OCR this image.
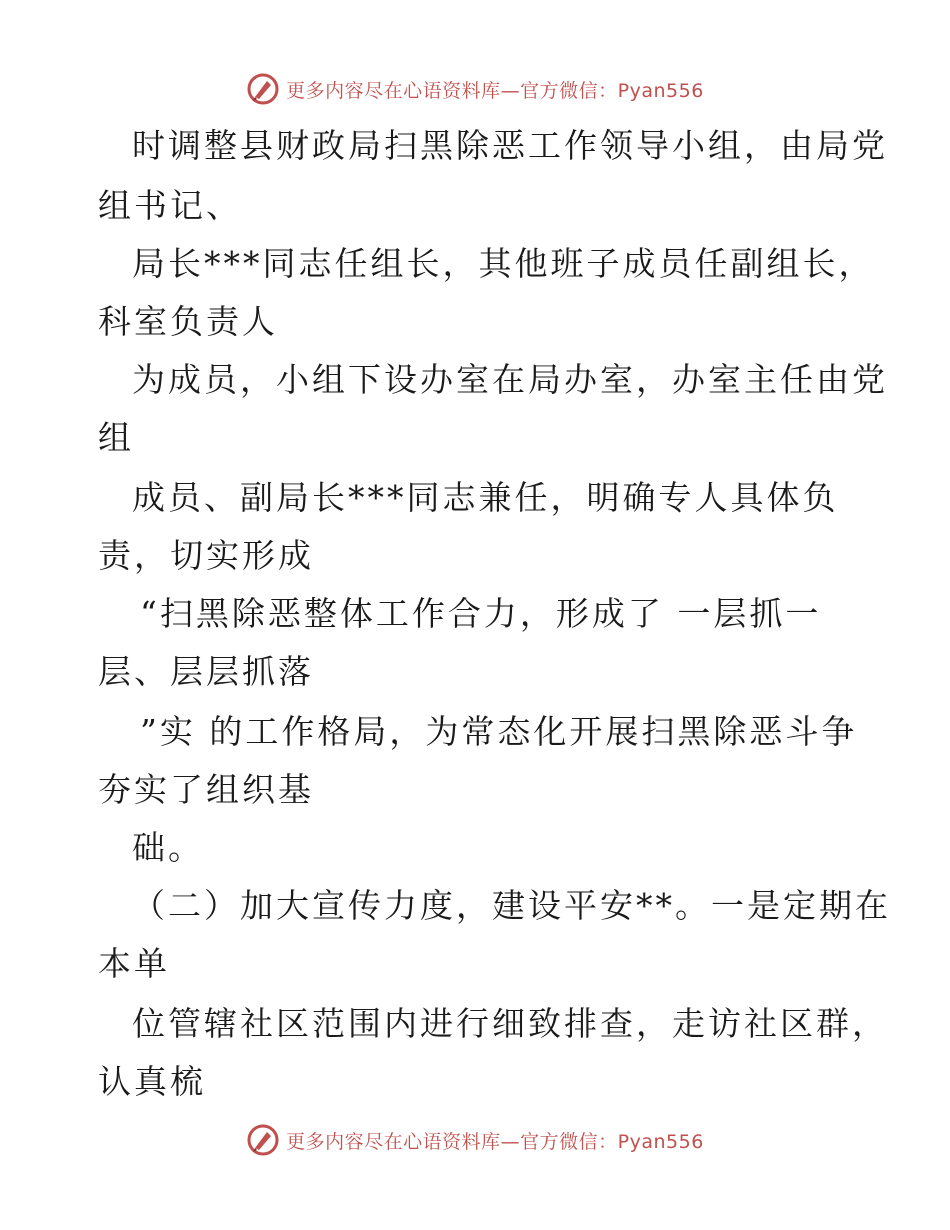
更多内容尽在心语资料库—官方微信：Pyan556
时调整县财政局扫黑除恶工作领导小组，由局党
组书记、
局长***同志任组长，其他班子成员任副组长，
科室负责人
为成员，小组下设办室在局办室，办室主任由党
组
成员、副局长***同志兼任，明确专人具体负
责，切实形成
“扫黑除恶整体工作合力，形成了 一层抓一
层、层层抓落
”实 的工作格局，为常态化开展扫黑除恶斗争
夯实了组织基
础。
（二）加大宣传力度，建设平安**。一是定期在
本单
位管辖社区范围内进行细致排查，走访社区群，
认真梳
更多内容尽在心语资料库—官方微信：Pyan556
